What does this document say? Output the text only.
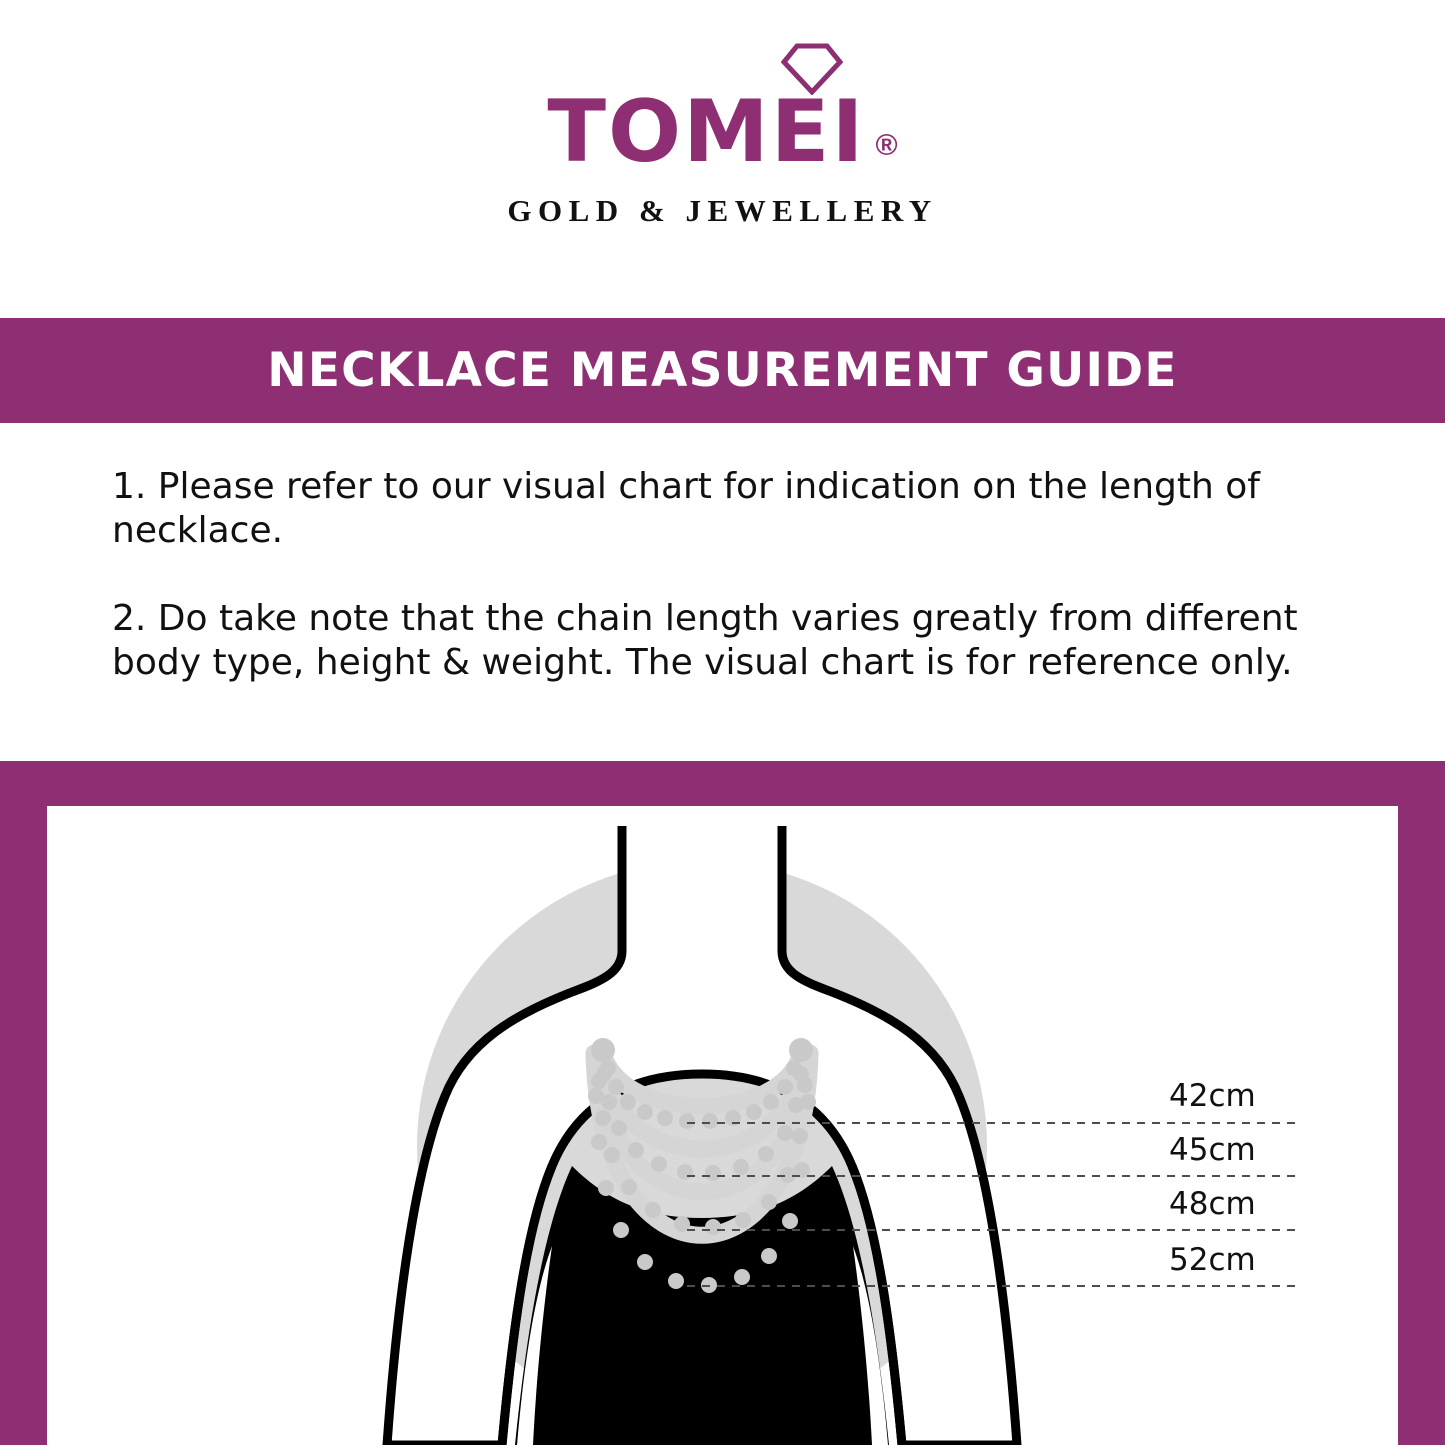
TOMEI ®
GOLD & JEWELLERY
NECKLACE MEASUREMENT GUIDE

1. Please refer to our visual chart for indication on the length of necklace.

2. Do take note that the chain length varies greatly from different body type, height & weight. The visual chart is for reference only.

42cm
45cm
48cm
52cm
